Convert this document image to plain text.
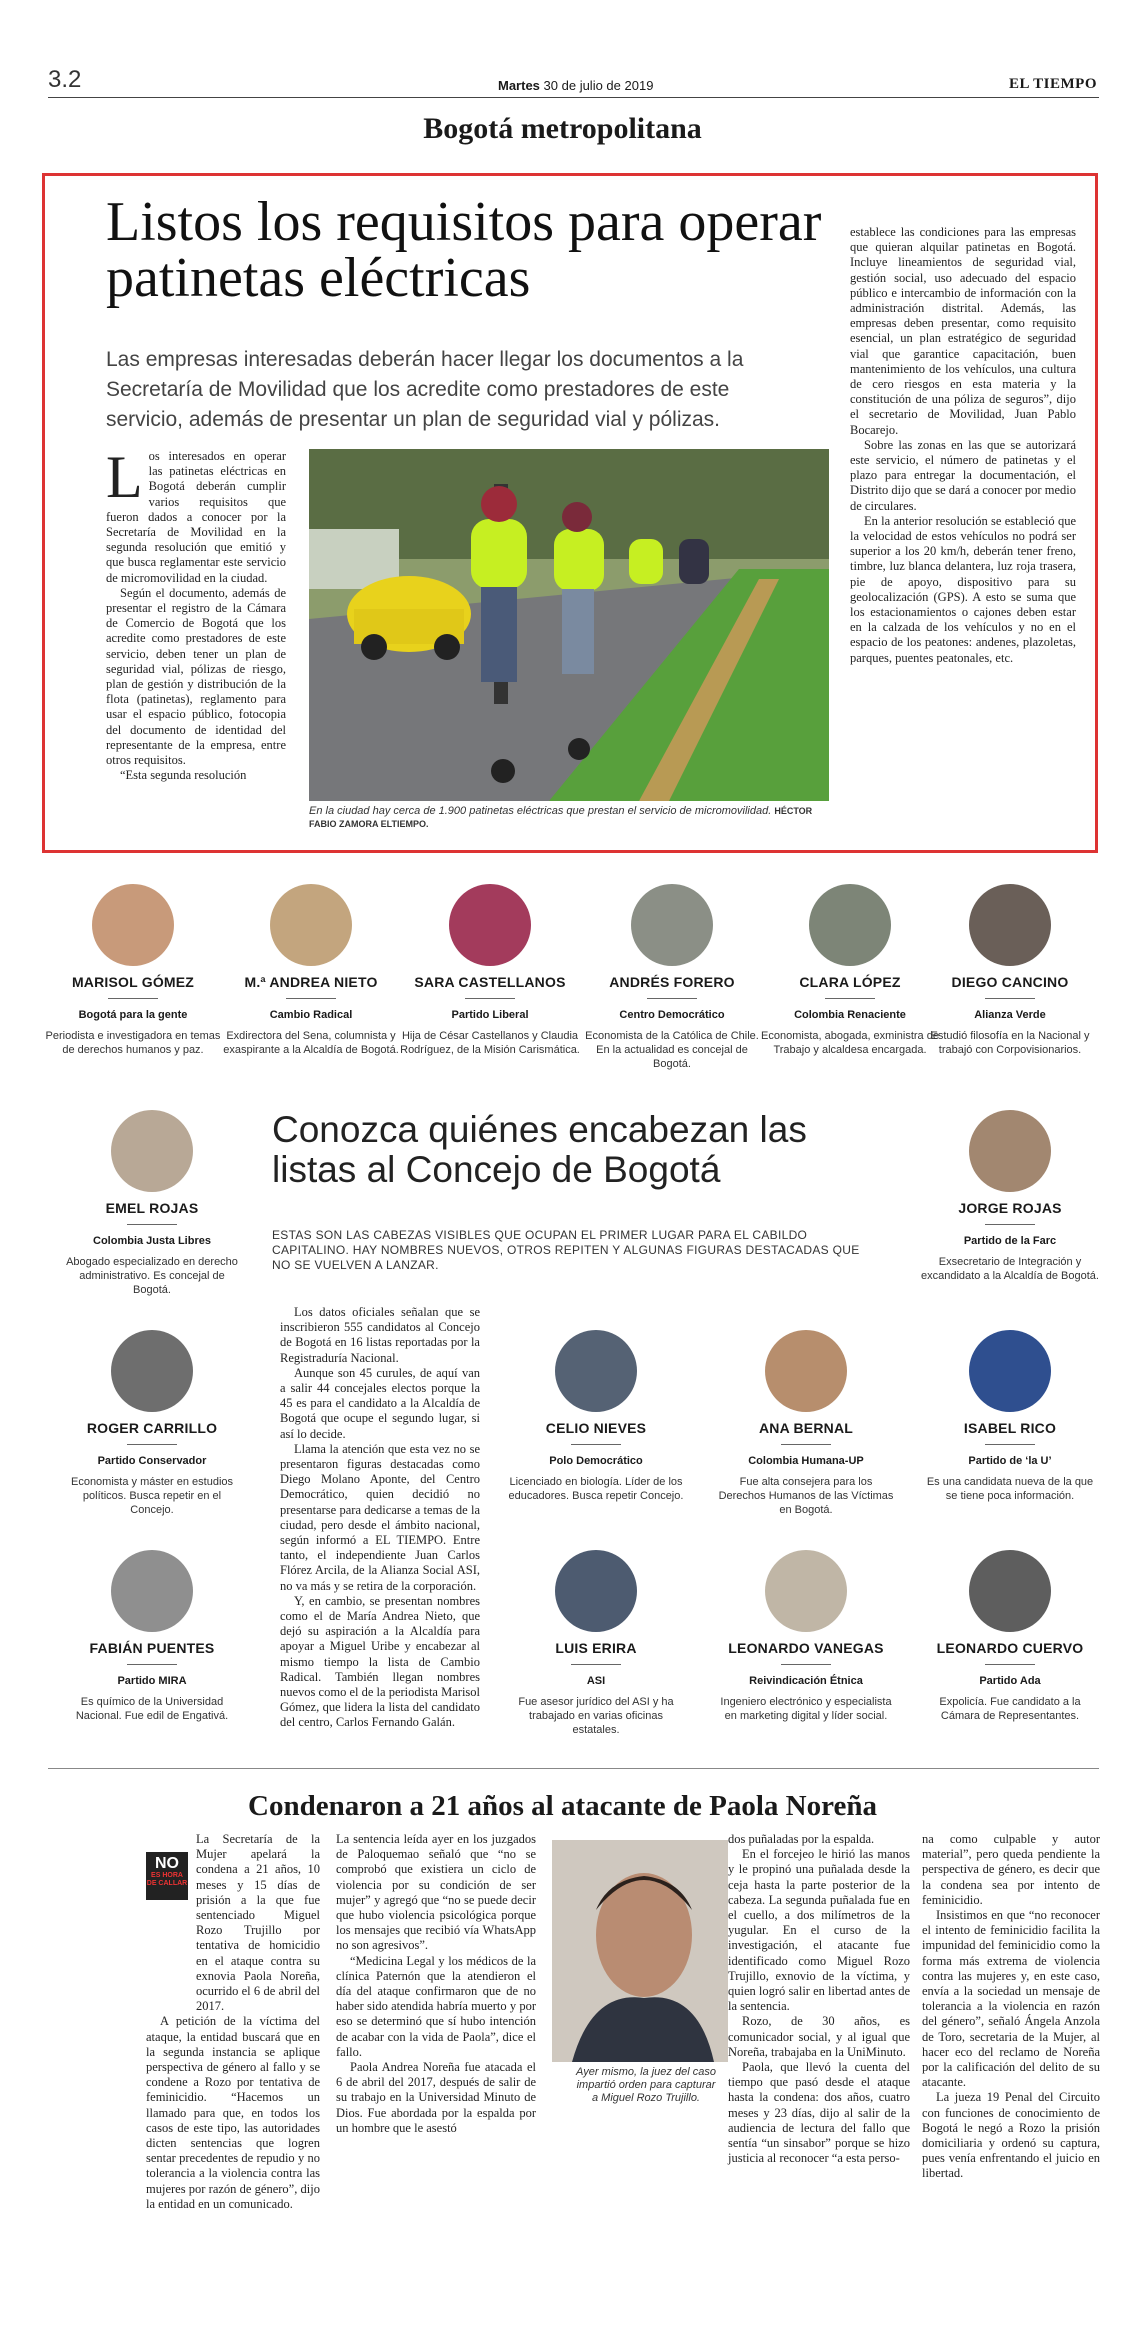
3.2	Martes 30 de julio de 2019	EL TIEMPO
Bogotá metropolitana
Listos los requisitos para operar patinetas eléctricas
Las empresas interesadas deberán hacer llegar los documentos a la Secretaría de Movilidad que los acredite como prestadores de este servicio, además de presentar un plan de seguridad vial y pólizas.

Los interesados en operar las patinetas eléctricas en Bogotá deberán cumplir varios requisitos que fueron dados a conocer por la Secretaría de Movilidad en la segunda resolución que emitió y que busca reglamentar este servicio de micromovilidad en la ciudad.

Según el documento, además de presentar el registro de la Cámara de Comercio de Bogotá que los acredite como prestadores de este servicio, deben tener un plan de seguridad vial, pólizas de riesgo, plan de gestión y distribución de la flota (patinetas), reglamento para usar el espacio público, fotocopia del documento de identidad del representante de la empresa, entre otros requisitos.

“Esta segunda resolución

En la ciudad hay cerca de 1.900 patinetas eléctricas que prestan el servicio de micromovilidad. HÉCTOR FABIO ZAMORA ELTIEMPO.

establece las condiciones para las empresas que quieran alquilar patinetas en Bogotá. Incluye lineamientos de seguridad vial, gestión social, uso adecuado del espacio público e intercambio de información con la administración distrital. Además, las empresas deben presentar, como requisito esencial, un plan estratégico de seguridad vial que garantice capacitación, buen mantenimiento de los vehículos, una cultura de cero riesgos en esta materia y la constitución de una póliza de seguros”, dijo el secretario de Movilidad, Juan Pablo Bocarejo.

Sobre las zonas en las que se autorizará este servicio, el número de patinetas y el plazo para entregar la documentación, el Distrito dijo que se dará a conocer por medio de circulares.

En la anterior resolución se estableció que la velocidad de estos vehículos no podrá ser superior a los 20 km/h, deberán tener freno, timbre, luz blanca delantera, luz roja trasera, pie de apoyo, dispositivo para su geolocalización (GPS). A esto se suma que los estacionamientos o cajones deben estar en la calzada de los vehículos y no en el espacio de los peatones: andenes, plazoletas, parques, puentes peatonales, etc.

MARISOL GÓMEZ
Bogotá para la gente
Periodista e investigadora en temas de derechos humanos y paz.
M.ª ANDREA NIETO
Cambio Radical
Exdirectora del Sena, columnista y exaspirante a la Alcaldía de Bogotá.
SARA CASTELLANOS
Partido Liberal
Hija de César Castellanos y Claudia Rodríguez, de la Misión Carismática.
ANDRÉS FORERO
Centro Democrático
Economista de la Católica de Chile. En la actualidad es concejal de Bogotá.
CLARA LÓPEZ
Colombia Renaciente
Economista, abogada, exministra de Trabajo y alcaldesa encargada.
DIEGO CANCINO
Alianza Verde
Estudió filosofía en la Nacional y trabajó con Corpovisionarios.
Conozca quiénes encabezan las listas al Concejo de Bogotá
ESTAS SON LAS CABEZAS VISIBLES QUE OCUPAN EL PRIMER LUGAR PARA EL CABILDO CAPITALINO. HAY NOMBRES NUEVOS, OTROS REPITEN Y ALGUNAS FIGURAS DESTACADAS QUE NO SE VUELVEN A LANZAR.
EMEL ROJAS
Colombia Justa Libres
Abogado especializado en derecho administrativo. Es concejal de Bogotá.
JORGE ROJAS
Partido de la Farc
Exsecretario de Integración y excandidato a la Alcaldía de Bogotá.

Los datos oficiales señalan que se inscribieron 555 candidatos al Concejo de Bogotá en 16 listas reportadas por la Registraduría Nacional.

Aunque son 45 curules, de aquí van a salir 44 concejales electos porque la 45 es para el candidato a la Alcaldía de Bogotá que ocupe el segundo lugar, si así lo decide.

Llama la atención que esta vez no se presentaron figuras destacadas como Diego Molano Aponte, del Centro Democrático, quien decidió no presentarse para dedicarse a temas de la ciudad, pero desde el ámbito nacional, según informó a EL TIEMPO. Entre tanto, el independiente Juan Carlos Flórez Arcila, de la Alianza Social ASI, no va más y se retira de la corporación.

Y, en cambio, se presentan nombres como el de María Andrea Nieto, que dejó su aspiración a la Alcaldía para apoyar a Miguel Uribe y encabezar al mismo tiempo la lista de Cambio Radical. También llegan nombres nuevos como el de la periodista Marisol Gómez, que lidera la lista del candidato del centro, Carlos Fernando Galán.

ROGER CARRILLO
Partido Conservador
Economista y máster en estudios políticos. Busca repetir en el Concejo.
CELIO NIEVES
Polo Democrático
Licenciado en biología. Líder de los educadores. Busca repetir Concejo.
ANA BERNAL
Colombia Humana-UP
Fue alta consejera para los Derechos Humanos de las Víctimas en Bogotá.
ISABEL RICO
Partido de ‘la U’
Es una candidata nueva de la que se tiene poca información.
FABIÁN PUENTES
Partido MIRA
Es químico de la Universidad Nacional. Fue edil de Engativá.
LUIS ERIRA
ASI
Fue asesor jurídico del ASI y ha trabajado en varias oficinas estatales.
LEONARDO VANEGAS
Reivindicación Étnica
Ingeniero electrónico y especialista en marketing digital y líder social.
LEONARDO CUERVO
Partido Ada
Expolicía. Fue candidato a la Cámara de Representantes.
Condenaron a 21 años al atacante de Paola Noreña
NO
ES HORA DE CALLAR

La Secretaría de la Mujer apelará la condena a 21 años, 10 meses y 15 días de prisión a la que fue sentenciado Miguel Rozo Trujillo por tentativa de homicidio en el ataque contra su exnovia Paola Noreña, ocurrido el 6 de abril del 2017.

A petición de la víctima del ataque, la entidad buscará que en la segunda instancia se aplique perspectiva de género al fallo y se condene a Rozo por tentativa de feminicidio. “Hacemos un llamado para que, en todos los casos de este tipo, las autoridades dicten sentencias que logren sentar precedentes de repudio y no tolerancia a la violencia contra las mujeres por razón de género”, dijo la entidad en un comunicado.

La sentencia leída ayer en los juzgados de Paloquemao señaló que “no se comprobó que existiera un ciclo de violencia por su condición de ser mujer” y agregó que “no se puede decir que hubo violencia psicológica porque los mensajes que recibió vía WhatsApp no son agresivos”.

“Medicina Legal y los médicos de la clínica Paternón que la atendieron el día del ataque confirmaron que de no haber sido atendida habría muerto y por eso se determinó que sí hubo intención de acabar con la vida de Paola”, dice el fallo.

Paola Andrea Noreña fue atacada el 6 de abril del 2017, después de salir de su trabajo en la Universidad Minuto de Dios. Fue abordada por la espalda por un hombre que le asestó

Ayer mismo, la juez del caso impartió orden para capturar a Miguel Rozo Trujillo.

dos puñaladas por la espalda.

En el forcejeo le hirió las manos y le propinó una puñalada desde la ceja hasta la parte posterior de la cabeza. La segunda puñalada fue en el cuello, a dos milímetros de la yugular. En el curso de la investigación, el atacante fue identificado como Miguel Rozo Trujillo, exnovio de la víctima, y quien logró salir en libertad antes de la sentencia.

Rozo, de 30 años, es comunicador social, y al igual que Noreña, trabajaba en la UniMinuto.

Paola, que llevó la cuenta del tiempo que pasó desde el ataque hasta la condena: dos años, cuatro meses y 23 días, dijo al salir de la audiencia de lectura del fallo que sentía “un sinsabor” porque se hizo justicia al reconocer “a esta perso-

na como culpable y autor material”, pero queda pendiente la perspectiva de género, es decir que la condena sea por intento de feminicidio.

Insistimos en que “no reconocer el intento de feminicidio facilita la impunidad del feminicidio como la forma más extrema de violencia contra las mujeres y, en este caso, envía a la sociedad un mensaje de tolerancia a la violencia en razón del género”, señaló Ángela Anzola de Toro, secretaria de la Mujer, al hacer eco del reclamo de Noreña por la calificación del delito de su atacante.

La jueza 19 Penal del Circuito con funciones de conocimiento de Bogotá le negó a Rozo la prisión domiciliaria y ordenó su captura, pues venía enfrentando el juicio en libertad.
